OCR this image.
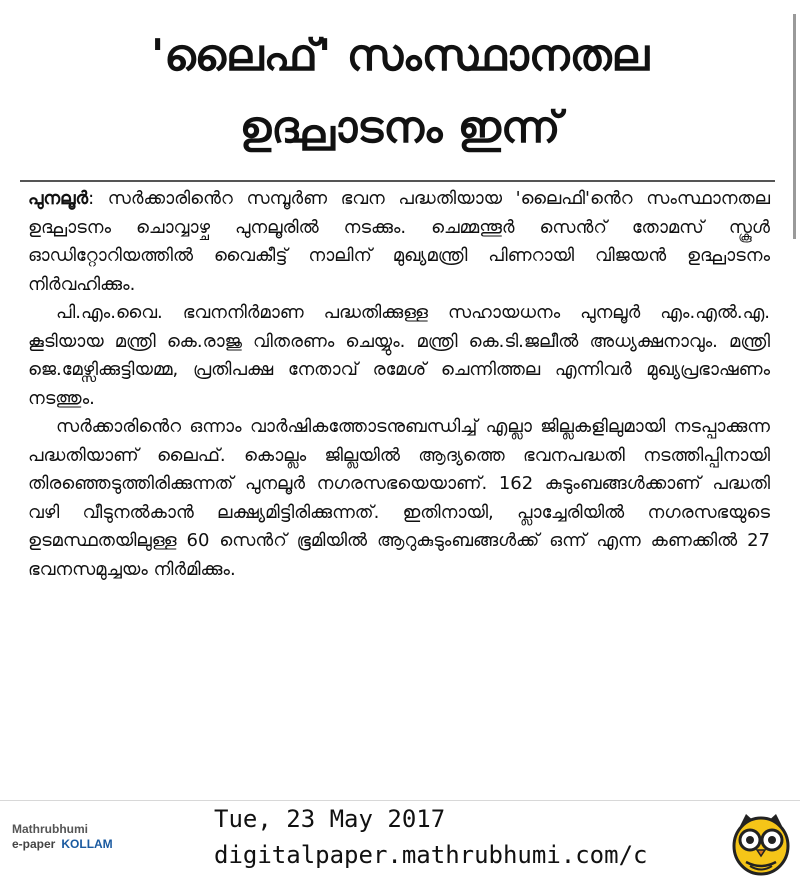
'ലൈഫ്' സംസ്ഥാനതല
ഉദ്ഘാടനം ഇന്ന്

പുനലൂർ: സർക്കാരിൻെറ സമ്പൂർണ ഭവന പദ്ധതിയായ 'ലൈഫി'ൻെറ സംസ്ഥാനതല ഉദ്ഘാടനം ചൊവ്വാഴ്ച പുനലൂരിൽ നടക്കും. ചെമ്മന്തൂർ സെൻറ് തോമസ് സ്കൂൾ ഓഡിറ്റോറിയത്തിൽ വൈകീട്ട് നാലിന് മുഖ്യമന്ത്രി പിണറായി വിജയൻ ഉദ്ഘാടനം നിർവഹിക്കും.

പി.എം.വൈ. ഭവനനിർമാണ പദ്ധതിക്കുള്ള സഹായധനം പുനലൂർ എം.എൽ.എ. കൂടിയായ മന്ത്രി കെ.രാജു വിതരണം ചെയ്യും. മന്ത്രി കെ.ടി.ജലീൽ അധ്യക്ഷനാവും. മന്ത്രി ജെ.മേഴ്സിക്കുട്ടിയമ്മ, പ്രതിപക്ഷ നേതാവ് രമേശ് ചെന്നിത്തല എന്നിവർ മുഖ്യപ്രഭാഷണം നടത്തും.

സർക്കാരിൻെറ ഒന്നാം വാർഷികത്തോടനുബന്ധിച്ച് എല്ലാ ജില്ലകളിലുമായി നടപ്പാക്കുന്ന പദ്ധതിയാണ് ലൈഫ്. കൊല്ലം ജില്ലയിൽ ആദ്യത്തെ ഭവനപദ്ധതി നടത്തിപ്പിനായി തിരഞ്ഞെടുത്തിരിക്കുന്നത് പുനലൂർ നഗരസഭയെയാണ്. 162 കുടുംബങ്ങൾക്കാണ് പദ്ധതി വഴി വീടുനൽകാൻ ലക്ഷ്യമിട്ടിരിക്കുന്നത്. ഇതിനായി, പ്ലാച്ചേരിയിൽ നഗരസഭയുടെ ഉടമസ്ഥതയിലുള്ള 60 സെൻറ് ഭൂമിയിൽ ആറുകുടുംബങ്ങൾക്ക് ഒന്ന് എന്ന കണക്കിൽ 27 ഭവനസമുച്ചയം നിർമിക്കും.

Mathrubhumi
e-paper KOLLAM
Tue, 23 May 2017
digitalpaper.mathrubhumi.com/c
